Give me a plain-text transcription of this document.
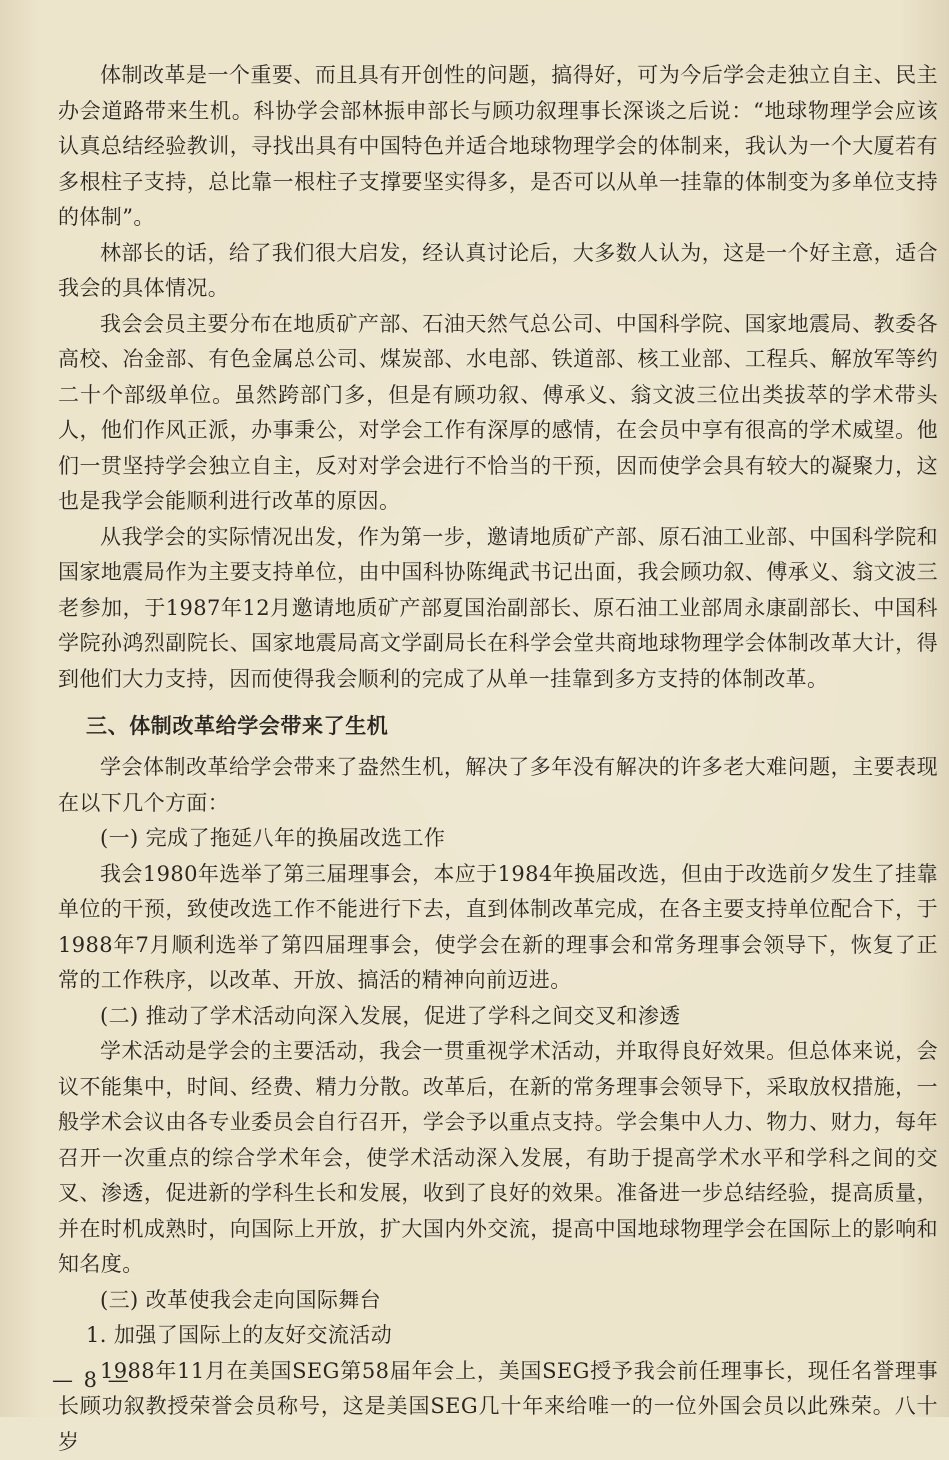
体制改革是一个重要、而且具有开创性的问题，搞得好，可为今后学会走独立自主、民主办会道路带来生机。科协学会部林振申部长与顾功叙理事长深谈之后说：“地球物理学会应该认真总结经验教训，寻找出具有中国特色并适合地球物理学会的体制来，我认为一个大厦若有多根柱子支持，总比靠一根柱子支撑要坚实得多，是否可以从单一挂靠的体制变为多单位支持的体制”。

林部长的话，给了我们很大启发，经认真讨论后，大多数人认为，这是一个好主意，适合我会的具体情况。

我会会员主要分布在地质矿产部、石油天然气总公司、中国科学院、国家地震局、教委各高校、冶金部、有色金属总公司、煤炭部、水电部、铁道部、核工业部、工程兵、解放军等约二十个部级单位。虽然跨部门多，但是有顾功叙、傅承义、翁文波三位出类拔萃的学术带头人，他们作风正派，办事秉公，对学会工作有深厚的感情，在会员中享有很高的学术威望。他们一贯坚持学会独立自主，反对对学会进行不恰当的干预，因而使学会具有较大的凝聚力，这也是我学会能顺利进行改革的原因。

从我学会的实际情况出发，作为第一步，邀请地质矿产部、原石油工业部、中国科学院和国家地震局作为主要支持单位，由中国科协陈绳武书记出面，我会顾功叙、傅承义、翁文波三老参加，于1987年12月邀请地质矿产部夏国治副部长、原石油工业部周永康副部长、中国科学院孙鸿烈副院长、国家地震局高文学副局长在科学会堂共商地球物理学会体制改革大计，得到他们大力支持，因而使得我会顺利的完成了从单一挂靠到多方支持的体制改革。

三、体制改革给学会带来了生机

学会体制改革给学会带来了盎然生机，解决了多年没有解决的许多老大难问题，主要表现在以下几个方面：

(一) 完成了拖延八年的换届改选工作

我会1980年选举了第三届理事会，本应于1984年换届改选，但由于改选前夕发生了挂靠单位的干预，致使改选工作不能进行下去，直到体制改革完成，在各主要支持单位配合下，于1988年7月顺利选举了第四届理事会，使学会在新的理事会和常务理事会领导下，恢复了正常的工作秩序，以改革、开放、搞活的精神向前迈进。

(二) 推动了学术活动向深入发展，促进了学科之间交叉和渗透

学术活动是学会的主要活动，我会一贯重视学术活动，并取得良好效果。但总体来说，会议不能集中，时间、经费、精力分散。改革后，在新的常务理事会领导下，采取放权措施，一般学术会议由各专业委员会自行召开，学会予以重点支持。学会集中人力、物力、财力，每年召开一次重点的综合学术年会，使学术活动深入发展，有助于提高学术水平和学科之间的交叉、渗透，促进新的学科生长和发展，收到了良好的效果。准备进一步总结经验，提高质量，并在时机成熟时，向国际上开放，扩大国内外交流，提高中国地球物理学会在国际上的影响和知名度。

(三) 改革使我会走向国际舞台
1. 加强了国际上的友好交流活动

1988年11月在美国SEG第58届年会上，美国SEG授予我会前任理事长，现任名誉理事长顾功叙教授荣誉会员称号，这是美国SEG几十年来给唯一的一位外国会员以此殊荣。八十岁

— 8 —
